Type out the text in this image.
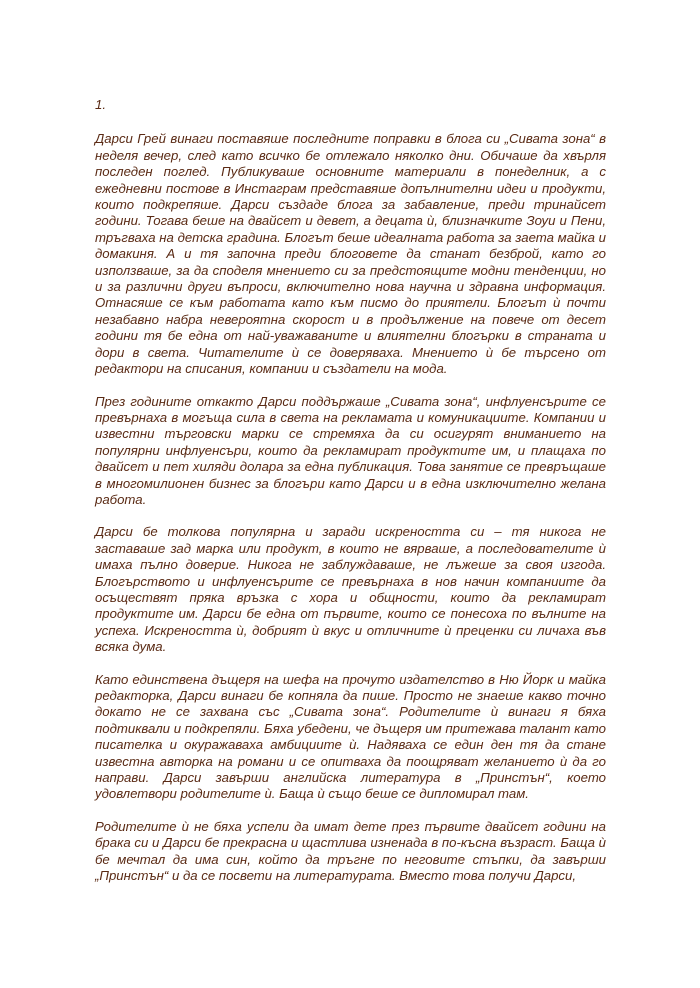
1.

Дарси Грей винаги поставяше последните поправки в блога си „Сивата зона“ в неделя вечер, след като всичко бе отлежало няколко дни. Обичаше да хвърля последен поглед. Публикуваше основните материали в понеделник, а с ежедневни постове в Инстаграм представяше допълнителни идеи и продукти, които подкрепяше. Дарси създаде блога за забавление, преди тринайсет години. Тогава беше на двайсет и девет, а децата ѝ, близначките Зоуи и Пени, тръгваха на детска градина. Блогът беше идеалната работа за заета майка и домакиня. А и тя започна преди блоговете да станат безброй, като го използваше, за да споделя мнението си за предстоящите модни тенденции, но и за различни други въпроси, включително нова научна и здравна информация. Отнасяше се към работата като към писмо до приятели. Блогът ѝ почти незабавно набра невероятна скорост и в продължение на повече от десет години тя бе една от най-уважаваните и влиятелни блогърки в страната и дори в света. Читателите ѝ се доверяваха. Мнението ѝ бе търсено от редактори на списания, компании и създатели на мода.

През годините откакто Дарси поддържаше „Сивата зона“, инфлуенсърите се превърнаха в могъща сила в света на рекламата и комуникациите. Компании и известни търговски марки се стремяха да си осигурят вниманието на популярни инфлуенсъри, които да рекламират продуктите им, и плащаха по двайсет и пет хиляди долара за една публикация. Това занятие се превръщаше в многомилионен бизнес за блогъри като Дарси и в една изключително желана работа.

Дарси бе толкова популярна и заради искреността си – тя никога не заставаше зад марка или продукт, в които не вярваше, а последователите ѝ имаха пълно доверие. Никога не заблуждаваше, не лъжеше за своя изгода. Блогърството и инфлуенсърите се превърнаха в нов начин компаниите да осъществят пряка връзка с хора и общности, които да рекламират продуктите им. Дарси бе една от първите, които се понесоха по вълните на успеха. Искреността ѝ, добрият ѝ вкус и отличните ѝ преценки си личаха във всяка дума.

Като единствена дъщеря на шефа на прочуто издателство в Ню Йорк и майка редакторка, Дарси винаги бе копняла да пише. Просто не знаеше какво точно докато не се захвана със „Сивата зона“. Родителите ѝ винаги я бяха подтиквали и подкрепяли. Бяха убедени, че дъщеря им притежава талант като писателка и окуражаваха амбициите ѝ. Надяваха се един ден тя да стане известна авторка на романи и се опитваха да поощряват желанието ѝ да го направи. Дарси завърши английска литература в „Принстън“, което удовлетвори родителите ѝ. Баща ѝ също беше се дипломирал там.

Родителите ѝ не бяха успели да имат дете през първите двайсет години на брака си и Дарси бе прекрасна и щастлива изненада в по-късна възраст. Баща ѝ бе мечтал да има син, който да тръгне по неговите стъпки, да завърши „Принстън“ и да се посвети на литературата. Вместо това получи Дарси,
